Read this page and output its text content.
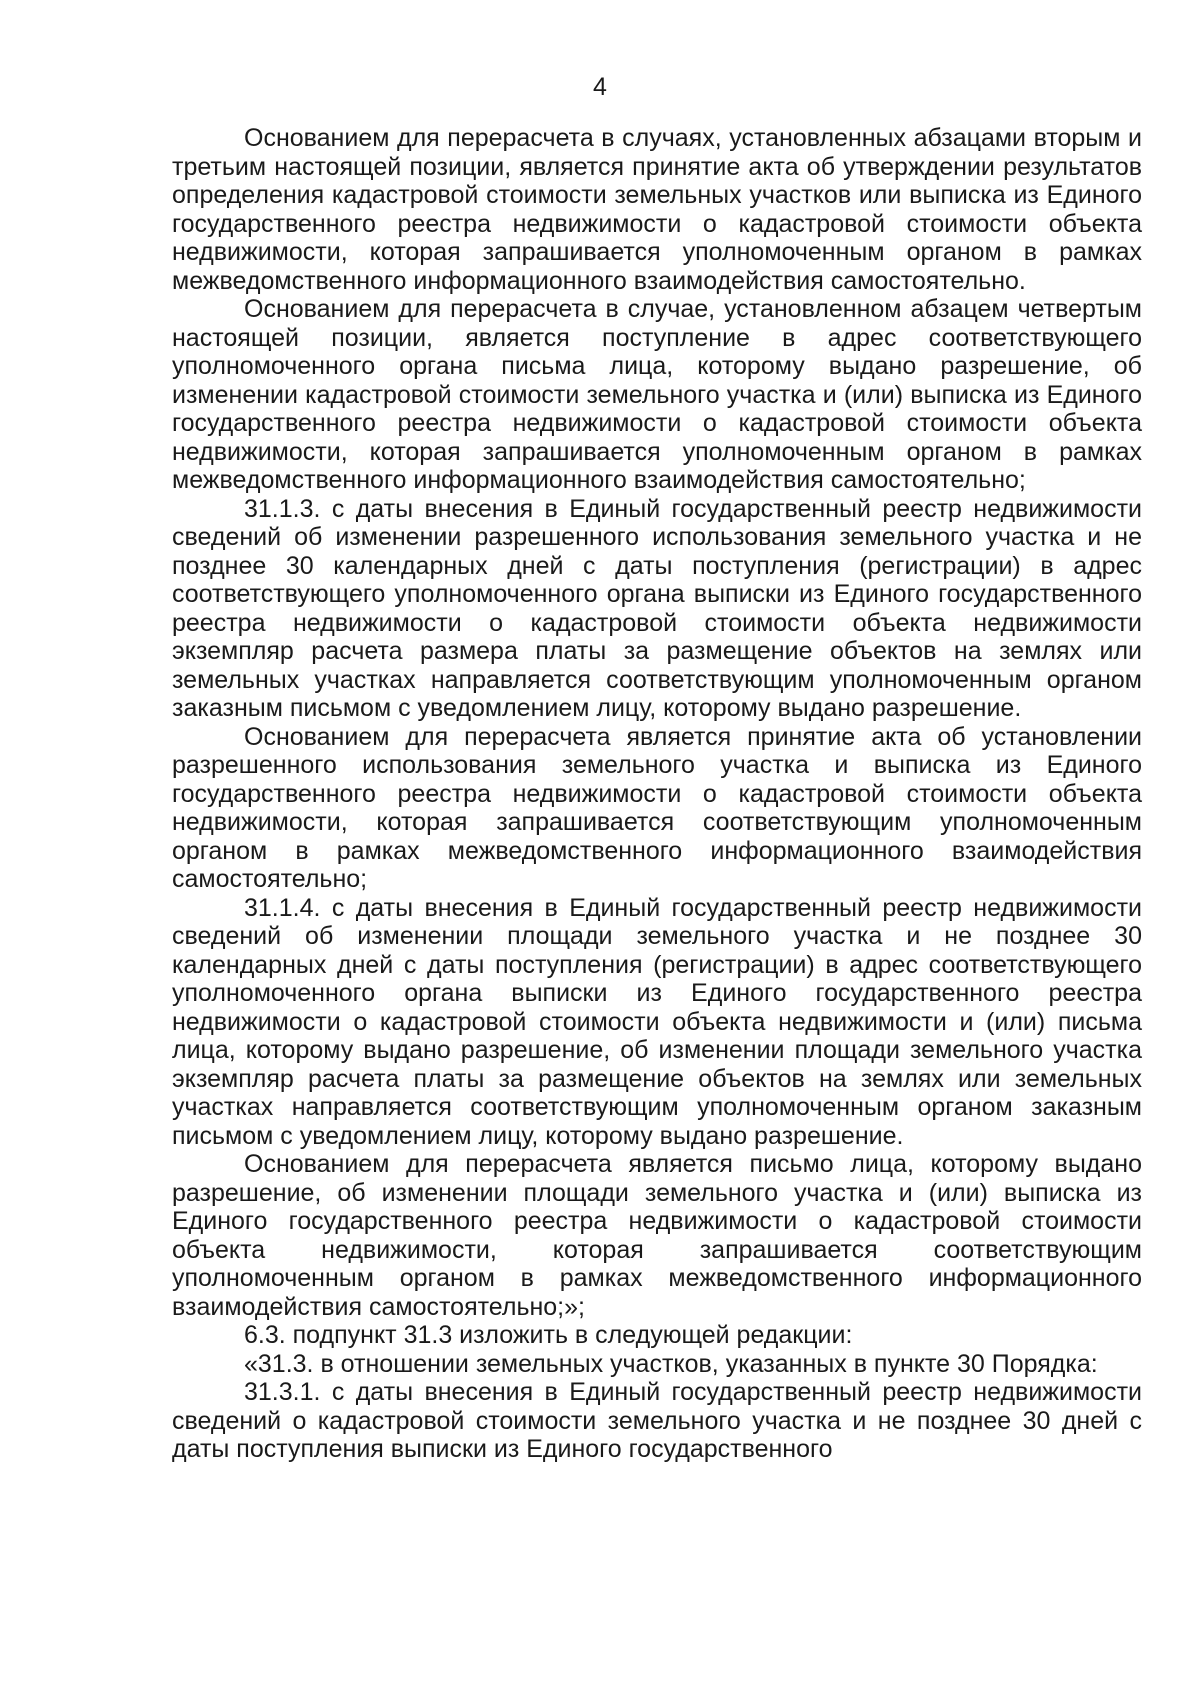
4

Основанием для перерасчета в случаях, установленных абзацами вторым и третьим настоящей позиции, является принятие акта об утверждении результатов определения кадастровой стоимости земельных участков или выписка из Единого государственного реестра недвижимости о кадастровой стоимости объекта недвижимости, которая запрашивается уполномоченным органом в рамках межведомственного информационного взаимодействия самостоятельно.

Основанием для перерасчета в случае, установленном абзацем четвертым настоящей позиции, является поступление в адрес соответствующего уполномоченного органа письма лица, которому выдано разрешение, об изменении кадастровой стоимости земельного участка и (или) выписка из Единого государственного реестра недвижимости о кадастровой стоимости объекта недвижимости, которая запрашивается уполномоченным органом в рамках межведомственного информационного взаимодействия самостоятельно;

31.1.3. с даты внесения в Единый государственный реестр недвижимости сведений об изменении разрешенного использования земельного участка и не позднее 30 календарных дней с даты поступления (регистрации) в адрес соответствующего уполномоченного органа выписки из Единого государственного реестра недвижимости о кадастровой стоимости объекта недвижимости экземпляр расчета размера платы за размещение объектов на землях или земельных участках направляется соответствующим уполномоченным органом заказным письмом с уведомлением лицу, которому выдано разрешение.

Основанием для перерасчета является принятие акта об установлении разрешенного использования земельного участка и выписка из Единого государственного реестра недвижимости о кадастровой стоимости объекта недвижимости, которая запрашивается соответствующим уполномоченным органом в рамках межведомственного информационного взаимодействия самостоятельно;

31.1.4. с даты внесения в Единый государственный реестр недвижимости сведений об изменении площади земельного участка и не позднее 30 календарных дней с даты поступления (регистрации) в адрес соответствующего уполномоченного органа выписки из Единого государственного реестра недвижимости о кадастровой стоимости объекта недвижимости и (или) письма лица, которому выдано разрешение, об изменении площади земельного участка экземпляр расчета платы за размещение объектов на землях или земельных участках направляется соответствующим уполномоченным органом заказным письмом с уведомлением лицу, которому выдано разрешение.

Основанием для перерасчета является письмо лица, которому выдано разрешение, об изменении площади земельного участка и (или) выписка из Единого государственного реестра недвижимости о кадастровой стоимости объекта недвижимости, которая запрашивается соответствующим уполномоченным органом в рамках межведомственного информационного взаимодействия самостоятельно;»;

6.3. подпункт 31.3 изложить в следующей редакции:

«31.3. в отношении земельных участков, указанных в пункте 30 Порядка:

31.3.1. с даты внесения в Единый государственный реестр недвижимости сведений о кадастровой стоимости земельного участка и не позднее 30 дней с даты поступления выписки из Единого государственного
